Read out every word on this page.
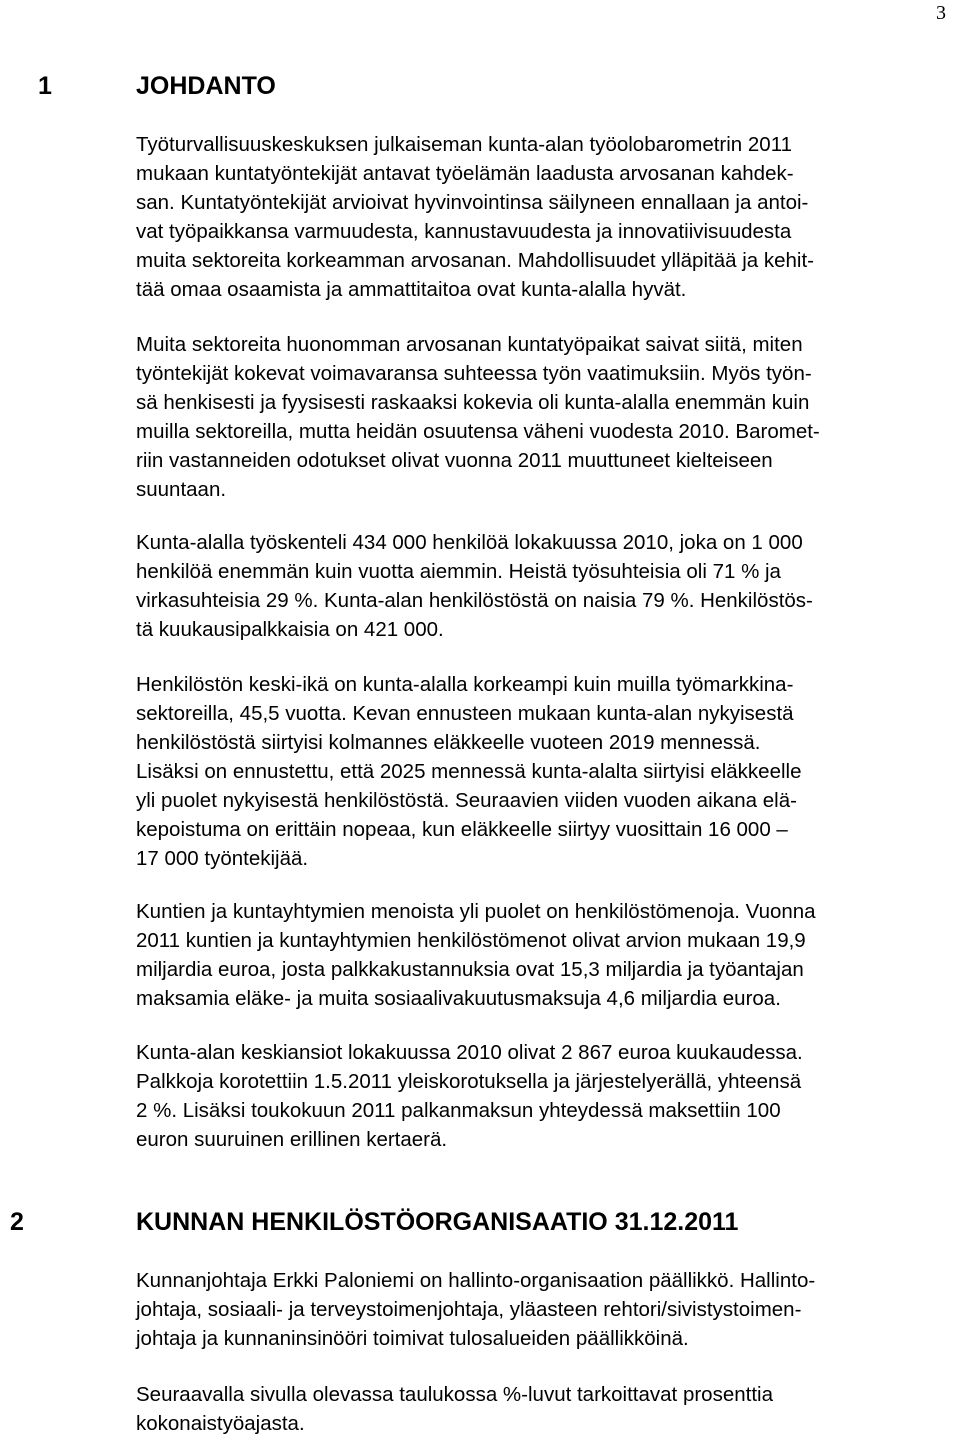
3
1	JOHDANTO

Työturvallisuuskeskuksen julkaiseman kunta-alan työolobarometrin 2011
mukaan kuntatyöntekijät antavat työelämän laadusta arvosanan kahdek-
san. Kuntatyöntekijät arvioivat hyvinvointinsa säilyneen ennallaan ja antoi-
vat työpaikkansa varmuudesta, kannustavuudesta ja innovatiivisuudesta
muita sektoreita korkeamman arvosanan. Mahdollisuudet ylläpitää ja kehit-
tää omaa osaamista ja ammattitaitoa ovat kunta-alalla hyvät.

Muita sektoreita huonomman arvosanan kuntatyöpaikat saivat siitä, miten
työntekijät kokevat voimavaransa suhteessa työn vaatimuksiin. Myös työn-
sä henkisesti ja fyysisesti raskaaksi kokevia oli kunta-alalla enemmän kuin
muilla sektoreilla, mutta heidän osuutensa väheni vuodesta 2010. Baromet-
riin vastanneiden odotukset olivat vuonna 2011 muuttuneet kielteiseen
suuntaan.

Kunta-alalla työskenteli 434 000 henkilöä lokakuussa 2010, joka on 1 000
henkilöä enemmän kuin vuotta aiemmin. Heistä työsuhteisia oli 71 % ja
virkasuhteisia 29 %. Kunta-alan henkilöstöstä on naisia 79 %. Henkilöstös-
tä kuukausipalkkaisia on 421 000.

Henkilöstön keski-ikä on kunta-alalla korkeampi kuin muilla työmarkkina-
sektoreilla, 45,5 vuotta. Kevan ennusteen mukaan kunta-alan nykyisestä
henkilöstöstä siirtyisi kolmannes eläkkeelle vuoteen 2019 mennessä.
Lisäksi on ennustettu, että 2025 mennessä kunta-alalta siirtyisi eläkkeelle
yli puolet nykyisestä henkilöstöstä. Seuraavien viiden vuoden aikana elä-
kepoistuma on erittäin nopeaa, kun eläkkeelle siirtyy vuosittain 16 000 –
17 000 työntekijää.

Kuntien ja kuntayhtymien menoista yli puolet on henkilöstömenoja. Vuonna
2011 kuntien ja kuntayhtymien henkilöstömenot olivat arvion mukaan 19,9
miljardia euroa, josta palkkakustannuksia ovat 15,3 miljardia ja työantajan
maksamia eläke- ja muita sosiaalivakuutusmaksuja 4,6 miljardia euroa.

Kunta-alan keskiansiot lokakuussa 2010 olivat 2 867 euroa kuukaudessa.
Palkkoja korotettiin 1.5.2011 yleiskorotuksella ja järjestelyerällä, yhteensä
2 %. Lisäksi toukokuun 2011 palkanmaksun yhteydessä maksettiin 100
euron suuruinen erillinen kertaerä.

2	KUNNAN HENKILÖSTÖORGANISAATIO 31.12.2011

Kunnanjohtaja Erkki Paloniemi on hallinto-organisaation päällikkö. Hallinto-
johtaja, sosiaali- ja terveystoimenjohtaja, yläasteen rehtori/sivistystoimen-
johtaja ja kunnaninsinööri toimivat tulosalueiden päällikköinä.

Seuraavalla sivulla olevassa taulukossa %-luvut tarkoittavat prosenttia
kokonaistyöajasta.
